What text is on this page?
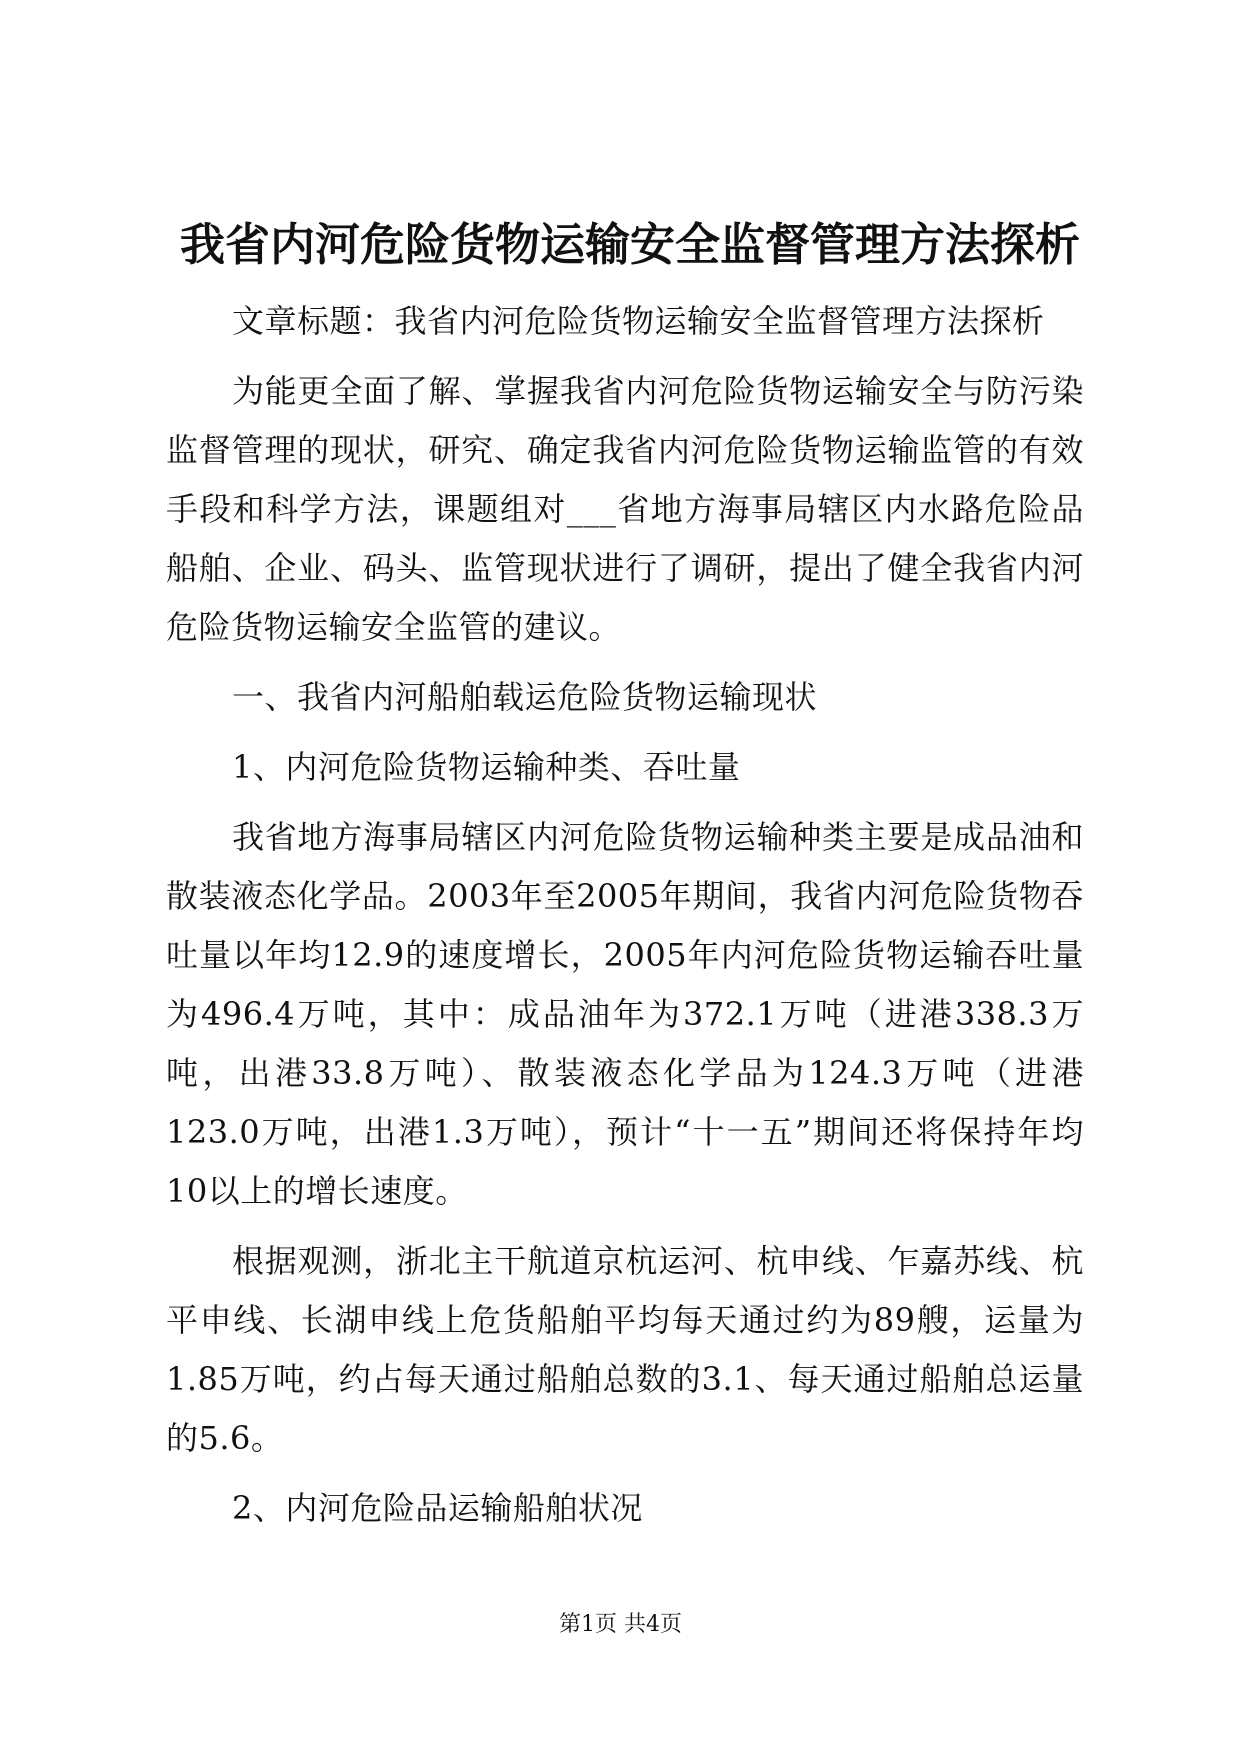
我省内河危险货物运输安全监督管理方法探析

文章标题：我省内河危险货物运输安全监督管理方法探析

为能更全面了解、掌握我省内河危险货物运输安全与防污染监督管理的现状，研究、确定我省内河危险货物运输监管的有效手段和科学方法，课题组对___省地方海事局辖区内水路危险品船舶、企业、码头、监管现状进行了调研，提出了健全我省内河危险货物运输安全监管的建议。

一、我省内河船舶载运危险货物运输现状

1、内河危险货物运输种类、吞吐量

我省地方海事局辖区内河危险货物运输种类主要是成品油和散装液态化学品。2003年至2005年期间，我省内河危险货物吞吐量以年均12.9的速度增长，2005年内河危险货物运输吞吐量为496.4万吨，其中：成品油年为372.1万吨（进港338.3万吨，出港33.8万吨）、散装液态化学品为124.3万吨（进港123.0万吨，出港1.3万吨），预计“十一五”期间还将保持年均10以上的增长速度。

根据观测，浙北主干航道京杭运河、杭申线、乍嘉苏线、杭平申线、长湖申线上危货船舶平均每天通过约为89艘，运量为1.85万吨，约占每天通过船舶总数的3.1、每天通过船舶总运量的5.6。

2、内河危险品运输船舶状况

第1页 共4页
